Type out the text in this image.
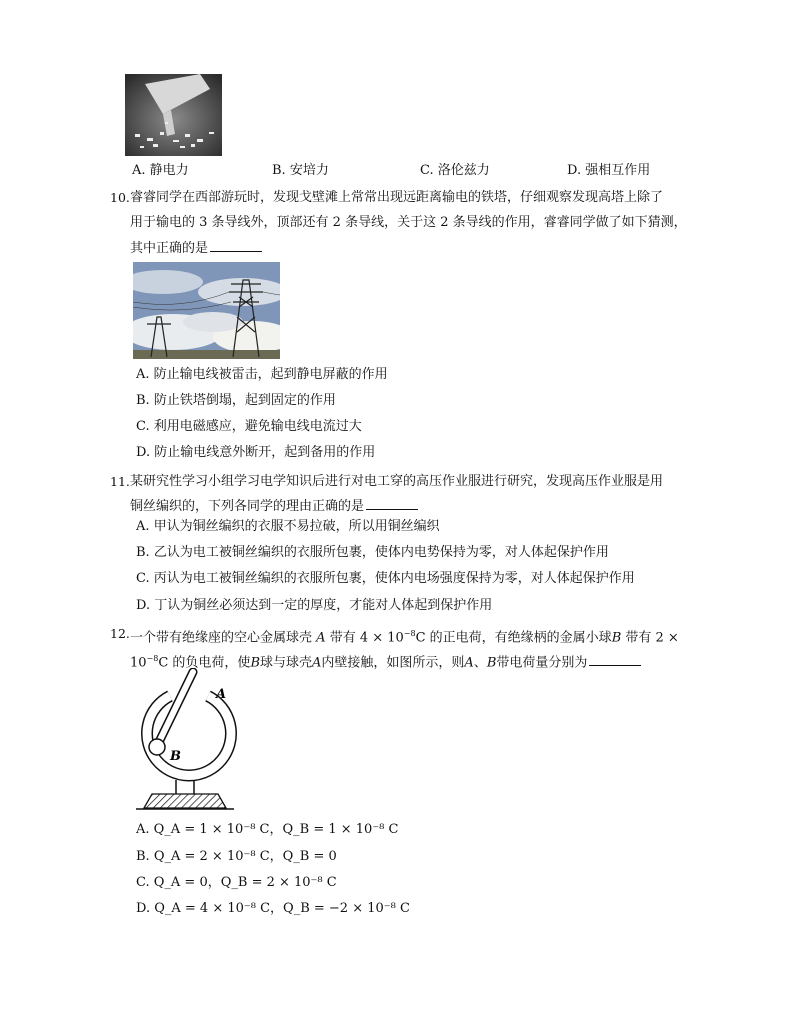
A. 静电力	B. 安培力	C. 洛伦兹力	D. 强相互作用
10. 睿睿同学在西部游玩时，发现戈壁滩上常常出现远距离输电的铁塔，仔细观察发现高塔上除了
用于输电的 3 条导线外，顶部还有 2 条导线，关于这 2 条导线的作用，睿睿同学做了如下猜测，
其中正确的是
A. 防止输电线被雷击，起到静电屏蔽的作用
B. 防止铁塔倒塌，起到固定的作用
C. 利用电磁感应，避免输电线电流过大
D. 防止输电线意外断开，起到备用的作用
11. 某研究性学习小组学习电学知识后进行对电工穿的高压作业服进行研究，发现高压作业服是用
铜丝编织的，下列各同学的理由正确的是
A. 甲认为铜丝编织的衣服不易拉破，所以用铜丝编织
B. 乙认为电工被铜丝编织的衣服所包裹，使体内电势保持为零，对人体起保护作用
C. 丙认为电工被铜丝编织的衣服所包裹，使体内电场强度保持为零，对人体起保护作用
D. 丁认为铜丝必须达到一定的厚度，才能对人体起到保护作用
12. 一个带有绝缘座的空心金属球壳 A 带有 $4 \times 10^{-8}C$ 的正电荷，有绝缘柄的金属小球B 带有 2 ×
$10^{-8}C$ 的负电荷，使B球与球壳A内壁接触，如图所示，则A、B带电荷量分别为
A
B
A. Q_A = 1 × 10⁻⁸ C，Q_B = 1 × 10⁻⁸ C
B. Q_A = 2 × 10⁻⁸ C，Q_B = 0
C. Q_A = 0，Q_B = 2 × 10⁻⁸ C
D. Q_A = 4 × 10⁻⁸ C，Q_B = −2 × 10⁻⁸ C
